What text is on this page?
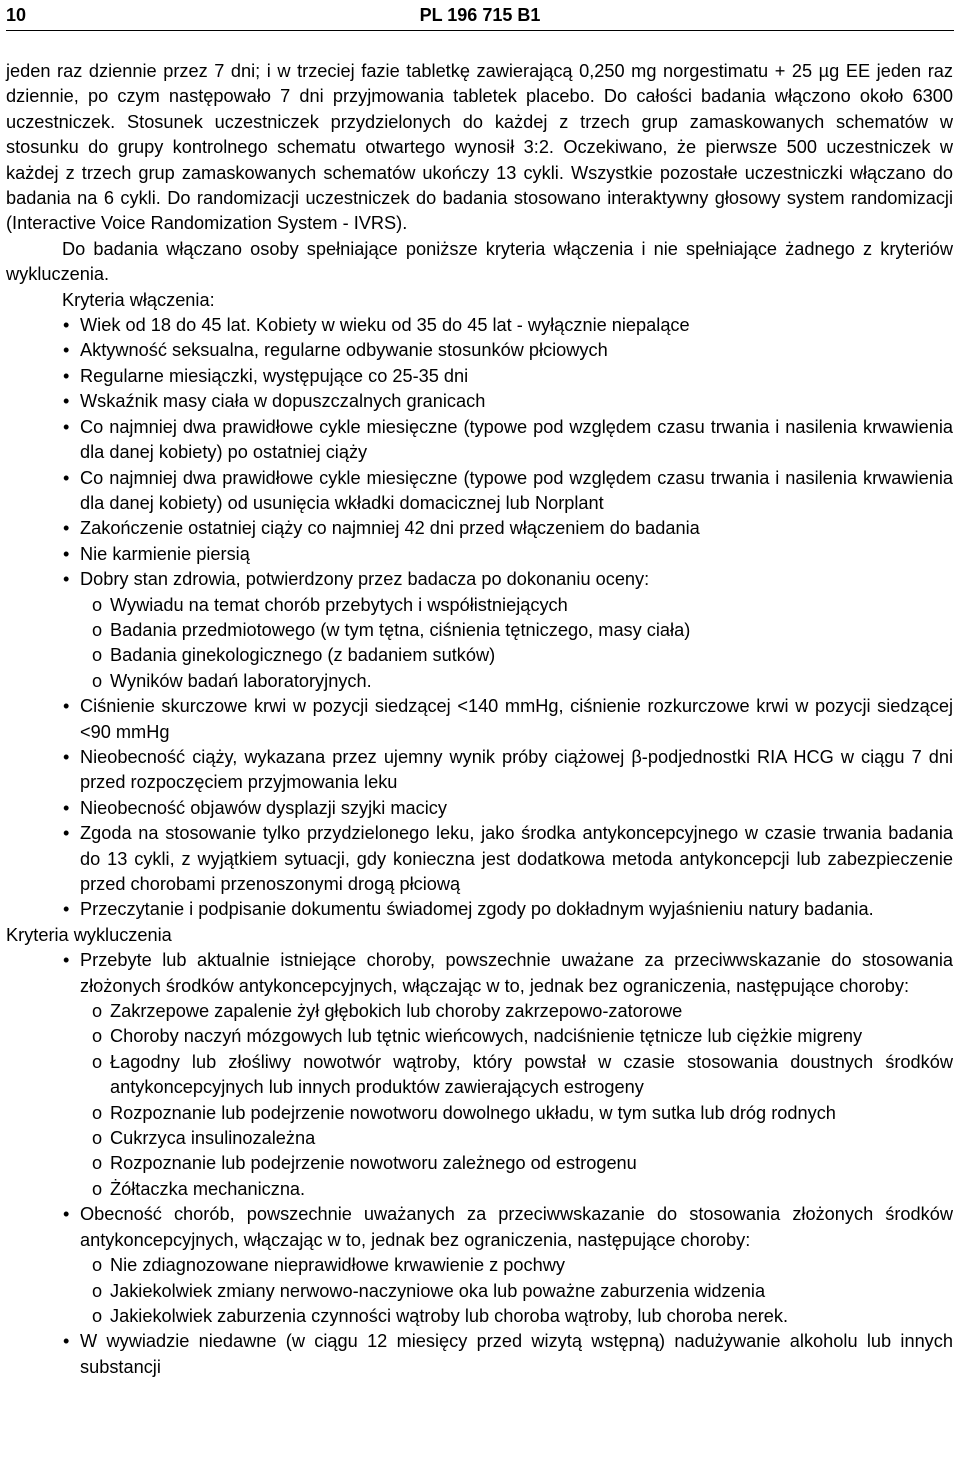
10	PL 196 715 B1

jeden raz dziennie przez 7 dni; i w trzeciej fazie tabletkę zawierającą 0,250 mg norgestimatu + 25 µg EE jeden raz dziennie, po czym następowało 7 dni przyjmowania tabletek placebo. Do całości badania włączono około 6300 uczestniczek. Stosunek uczestniczek przydzielonych do każdej z trzech grup zamaskowanych schematów w stosunku do grupy kontrolnego schematu otwartego wynosił 3:2. Oczekiwano, że pierwsze 500 uczestniczek w każdej z trzech grup zamaskowanych schematów ukończy 13 cykli. Wszystkie pozostałe uczestniczki włączano do badania na 6 cykli. Do randomizacji uczestniczek do badania stosowano interaktywny głosowy system randomizacji (Interactive Voice Randomization System - IVRS).

Do badania włączano osoby spełniające poniższe kryteria włączenia i nie spełniające żadnego z kryteriów wykluczenia.

Kryteria włączenia:

• Wiek od 18 do 45 lat. Kobiety w wieku od 35 do 45 lat - wyłącznie niepalące
• Aktywność seksualna, regularne odbywanie stosunków płciowych
• Regularne miesiączki, występujące co 25-35 dni
• Wskaźnik masy ciała w dopuszczalnych granicach
• Co najmniej dwa prawidłowe cykle miesięczne (typowe pod względem czasu trwania i nasilenia krwawienia dla danej kobiety) po ostatniej ciąży
• Co najmniej dwa prawidłowe cykle miesięczne (typowe pod względem czasu trwania i nasilenia krwawienia dla danej kobiety) od usunięcia wkładki domacicznej lub Norplant
• Zakończenie ostatniej ciąży co najmniej 42 dni przed włączeniem do badania
• Nie karmienie piersią
• Dobry stan zdrowia, potwierdzony przez badacza po dokonaniu oceny:
o Wywiadu na temat chorób przebytych i współistniejących
o Badania przedmiotowego (w tym tętna, ciśnienia tętniczego, masy ciała)
o Badania ginekologicznego (z badaniem sutków)
o Wyników badań laboratoryjnych.
• Ciśnienie skurczowe krwi w pozycji siedzącej <140 mmHg, ciśnienie rozkurczowe krwi w pozycji siedzącej <90 mmHg
• Nieobecność ciąży, wykazana przez ujemny wynik próby ciążowej β-podjednostki RIA HCG w ciągu 7 dni przed rozpoczęciem przyjmowania leku
• Nieobecność objawów dysplazji szyjki macicy
• Zgoda na stosowanie tylko przydzielonego leku, jako środka antykoncepcyjnego w czasie trwania badania do 13 cykli, z wyjątkiem sytuacji, gdy konieczna jest dodatkowa metoda antykoncepcji lub zabezpieczenie przed chorobami przenoszonymi drogą płciową
• Przeczytanie i podpisanie dokumentu świadomej zgody po dokładnym wyjaśnieniu natury badania.

Kryteria wykluczenia

• Przebyte lub aktualnie istniejące choroby, powszechnie uważane za przeciwwskazanie do stosowania złożonych środków antykoncepcyjnych, włączając w to, jednak bez ograniczenia, następujące choroby:
o Zakrzepowe zapalenie żył głębokich lub choroby zakrzepowo-zatorowe
o Choroby naczyń mózgowych lub tętnic wieńcowych, nadciśnienie tętnicze lub ciężkie migreny
o Łagodny lub złośliwy nowotwór wątroby, który powstał w czasie stosowania doustnych środków antykoncepcyjnych lub innych produktów zawierających estrogeny
o Rozpoznanie lub podejrzenie nowotworu dowolnego układu, w tym sutka lub dróg rodnych
o Cukrzyca insulinozależna
o Rozpoznanie lub podejrzenie nowotworu zależnego od estrogenu
o Żółtaczka mechaniczna.
• Obecność chorób, powszechnie uważanych za przeciwwskazanie do stosowania złożonych środków antykoncepcyjnych, włączając w to, jednak bez ograniczenia, następujące choroby:
o Nie zdiagnozowane nieprawidłowe krwawienie z pochwy
o Jakiekolwiek zmiany nerwowo-naczyniowe oka lub poważne zaburzenia widzenia
o Jakiekolwiek zaburzenia czynności wątroby lub choroba wątroby, lub choroba nerek.
• W wywiadzie niedawne (w ciągu 12 miesięcy przed wizytą wstępną) nadużywanie alkoholu lub innych substancji
